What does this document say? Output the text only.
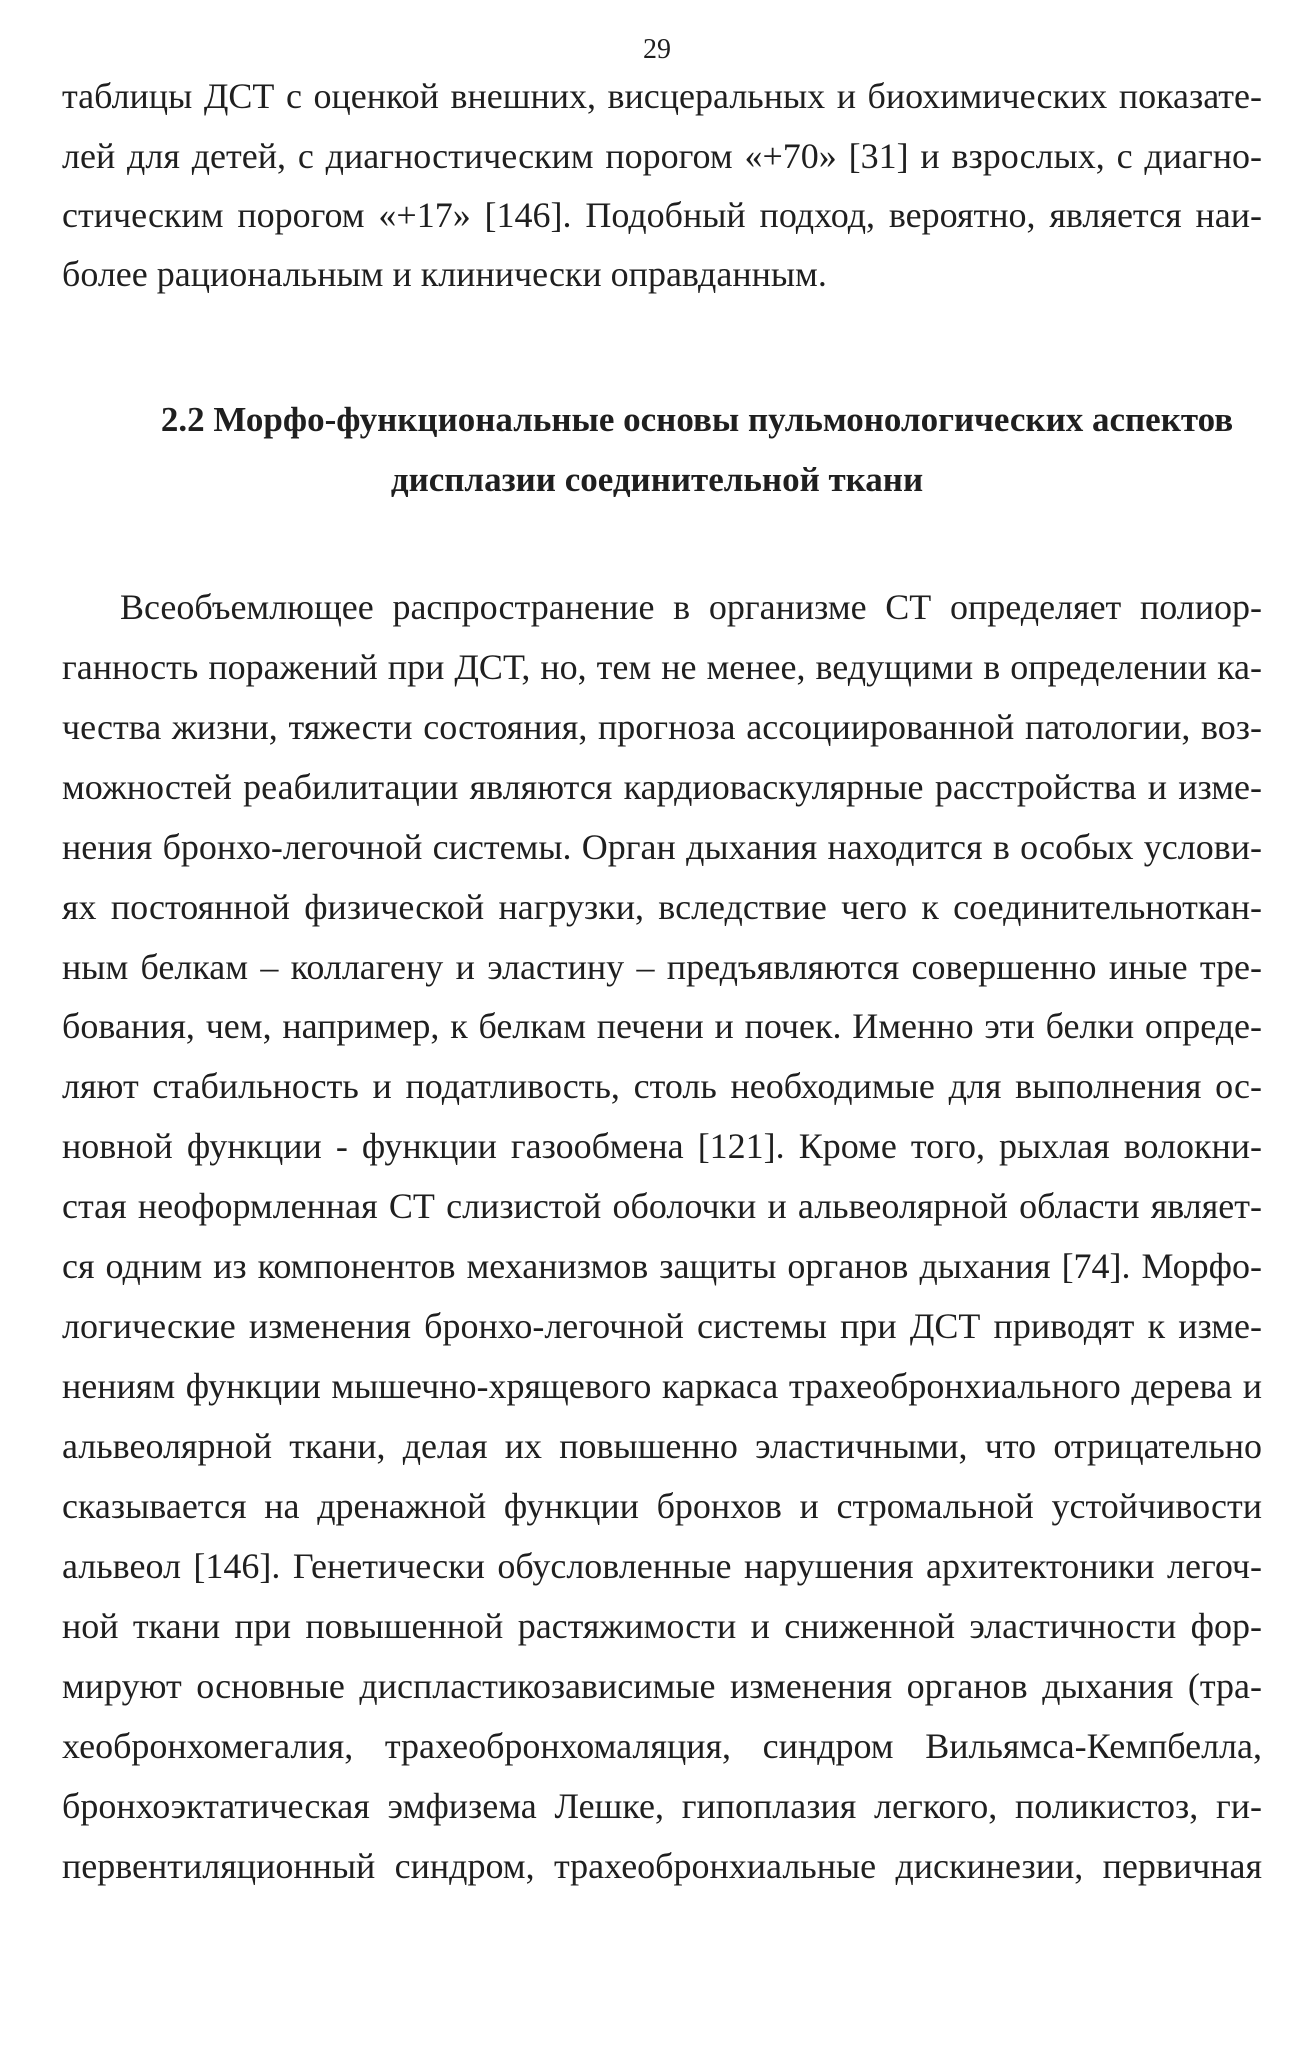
29
таблицы ДСТ с оценкой внешних, висцеральных и биохимических показате-
лей для детей, с диагностическим порогом «+70» [31] и взрослых, с диагно-
стическим порогом «+17» [146]. Подобный подход, вероятно, является наи-
более рациональным и клинически оправданным.
2.2 Морфо-функциональные основы пульмонологических аспектов
дисплазии соединительной ткани
Всеобъемлющее распространение в организме СТ определяет полиор-
ганность поражений при ДСТ, но, тем не менее, ведущими в определении ка-
чества жизни, тяжести состояния, прогноза ассоциированной патологии, воз-
можностей реабилитации являются кардиоваскулярные расстройства и изме-
нения бронхо-легочной системы. Орган дыхания находится в особых услови-
ях постоянной физической нагрузки, вследствие чего к соединительноткан-
ным белкам – коллагену и эластину – предъявляются совершенно иные тре-
бования, чем, например, к белкам печени и почек. Именно эти белки опреде-
ляют стабильность и податливость, столь необходимые для выполнения ос-
новной функции - функции газообмена [121]. Кроме того, рыхлая волокни-
стая неоформленная СТ слизистой оболочки и альвеолярной области являет-
ся одним из компонентов механизмов защиты органов дыхания [74]. Морфо-
логические изменения бронхо-легочной системы при ДСТ приводят к изме-
нениям функции мышечно-хрящевого каркаса трахеобронхиального дерева и
альвеолярной ткани, делая их повышенно эластичными, что отрицательно
сказывается на дренажной функции бронхов и стромальной устойчивости
альвеол [146]. Генетически обусловленные нарушения архитектоники легоч-
ной ткани при повышенной растяжимости и сниженной эластичности фор-
мируют основные диспластикозависимые изменения органов дыхания (тра-
хеобронхомегалия, трахеобронхомаляция, синдром Вильямса-Кемпбелла,
бронхоэктатическая эмфизема Лешке, гипоплазия легкого, поликистоз, ги-
первентиляционный синдром, трахеобронхиальные дискинезии, первичная
